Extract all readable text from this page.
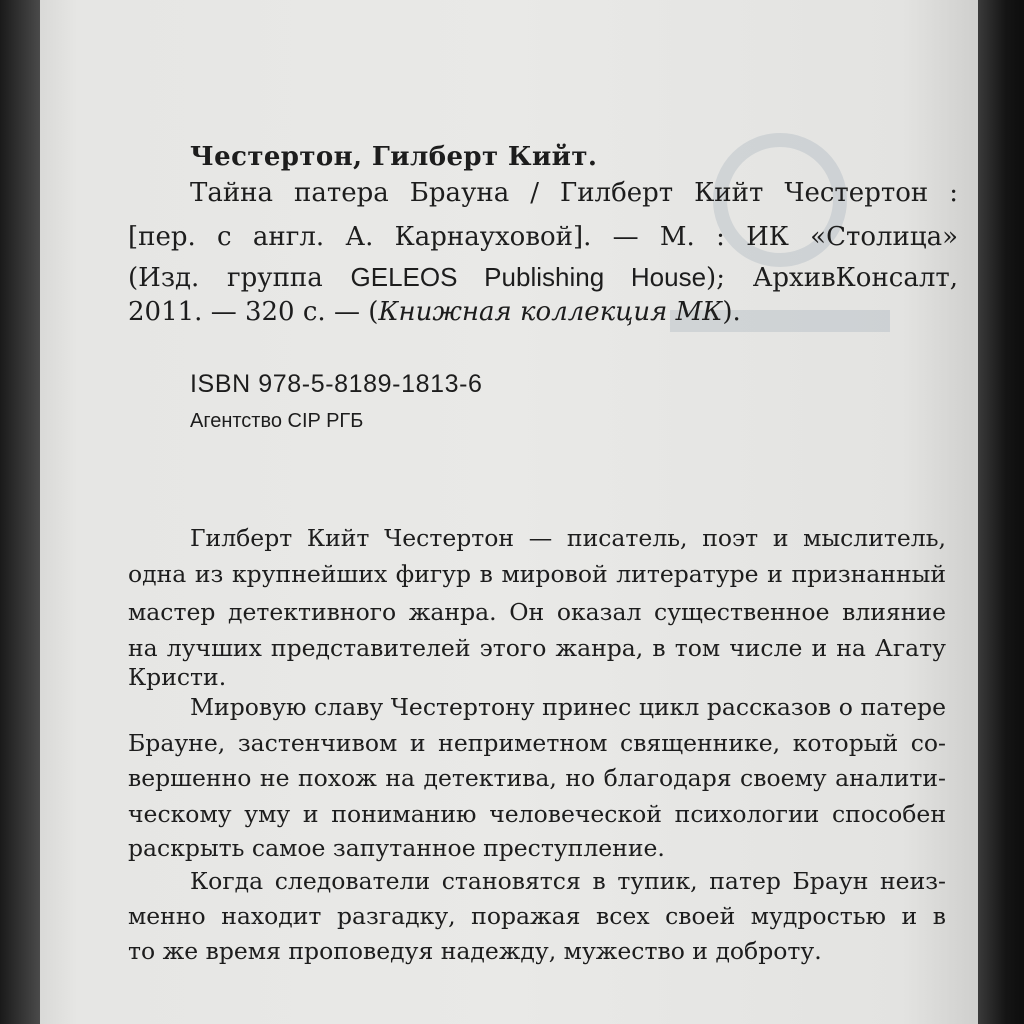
Честертон, Гилберт Кийт.
Тайна патера Брауна / Гилберт Кийт Честертон :
[пер. с англ. А. Карнауховой]. — М. : ИК «Столица»
(Изд. группа GELEOS Publishing House); АрхивКонсалт,
2011. — 320 с. — (Книжная коллекция МК).
ISBN 978-5-8189-1813-6
Агентство CIP РГБ
Гилберт Кийт Честертон — писатель, поэт и мыслитель,
одна из крупнейших фигур в мировой литературе и признанный
мастер детективного жанра. Он оказал существенное влияние
на лучших представителей этого жанра, в том числе и на Агату
Кристи.
Мировую славу Честертону принес цикл рассказов о патере
Брауне, застенчивом и неприметном священнике, который со-
вершенно не похож на детектива, но благодаря своему аналити-
ческому уму и пониманию человеческой психологии способен
раскрыть самое запутанное преступление.
Когда следователи становятся в тупик, патер Браун неиз-
менно находит разгадку, поражая всех своей мудростью и в
то же время проповедуя надежду, мужество и доброту.
